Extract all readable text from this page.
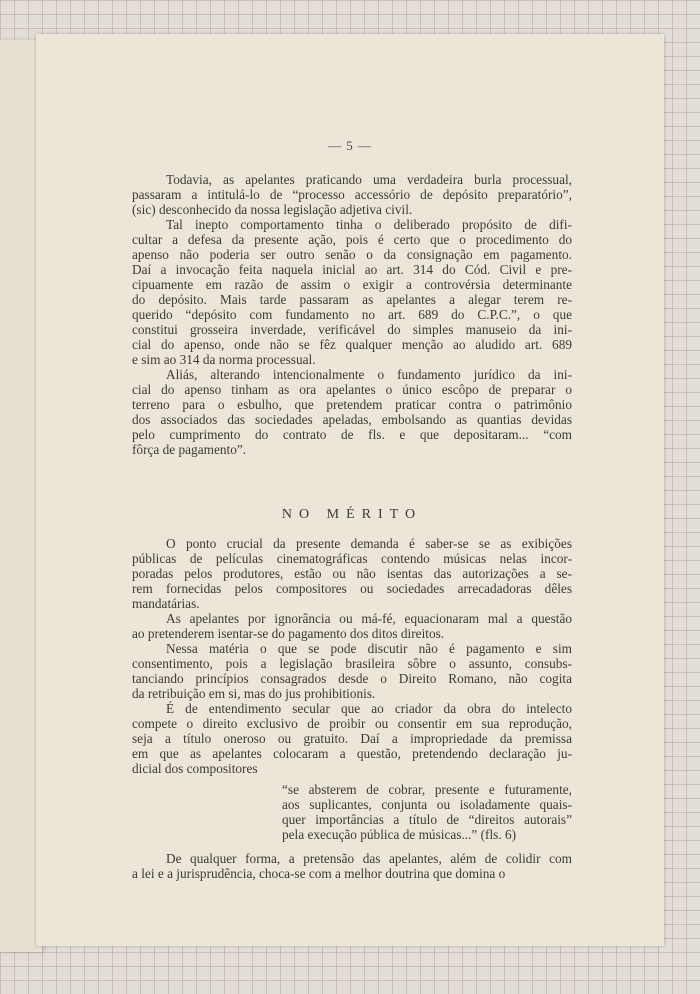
— 5 —
Todavia, as apelantes praticando uma verdadeira burla processual,
passaram a intitulá-lo de “processo accessório de depósito preparatório”,
(sic) desconhecido da nossa legislação adjetiva civil.
Tal inepto comportamento tinha o deliberado propósito de difi-
cultar a defesa da presente ação, pois é certo que o procedimento do
apenso não poderia ser outro senão o da consignação em pagamento.
Daí a invocação feita naquela inicial ao art. 314 do Cód. Civil e pre-
cipuamente em razão de assim o exigir a controvérsia determinante
do depósito. Mais tarde passaram as apelantes a alegar terem re-
querido “depósito com fundamento no art. 689 do C.P.C.”, o que
constitui grosseira inverdade, verificável do simples manuseio da ini-
cial do apenso, onde não se fêz qualquer menção ao aludido art. 689
e sim ao 314 da norma processual.
Aliás, alterando intencionalmente o fundamento jurídico da ini-
cial do apenso tinham as ora apelantes o único escôpo de preparar o
terreno para o esbulho, que pretendem praticar contra o patrimônio
dos associados das sociedades apeladas, embolsando as quantias devidas
pelo cumprimento do contrato de fls. e que depositaram... “com
fôrça de pagamento”.
NO MÉRITO
O ponto crucial da presente demanda é saber-se se as exibições
públicas de películas cinematográficas contendo músicas nelas incor-
poradas pelos produtores, estão ou não isentas das autorizações a se-
rem fornecidas pelos compositores ou sociedades arrecadadoras dêles
mandatárias.
As apelantes por ignorância ou má-fé, equacionaram mal a questão
ao pretenderem isentar-se do pagamento dos ditos direitos.
Nessa matéria o que se pode discutir não é pagamento e sim
consentimento, pois a legislação brasileira sôbre o assunto, consubs-
tanciando princípios consagrados desde o Direito Romano, não cogita
da retribuição em si, mas do jus prohibitionis.
É de entendimento secular que ao criador da obra do intelecto
compete o direito exclusivo de proibir ou consentir em sua reprodução,
seja a título oneroso ou gratuito. Daí a impropriedade da premissa
em que as apelantes colocaram a questão, pretendendo declaração ju-
dicial dos compositores
“se absterem de cobrar, presente e futuramente,
aos suplicantes, conjunta ou isoladamente quais-
quer importâncias a título de “direitos autorais”
pela execução pública de músicas...” (fls. 6)
De qualquer forma, a pretensão das apelantes, além de colidir com
a lei e a jurisprudência, choca-se com a melhor doutrina que domina o
